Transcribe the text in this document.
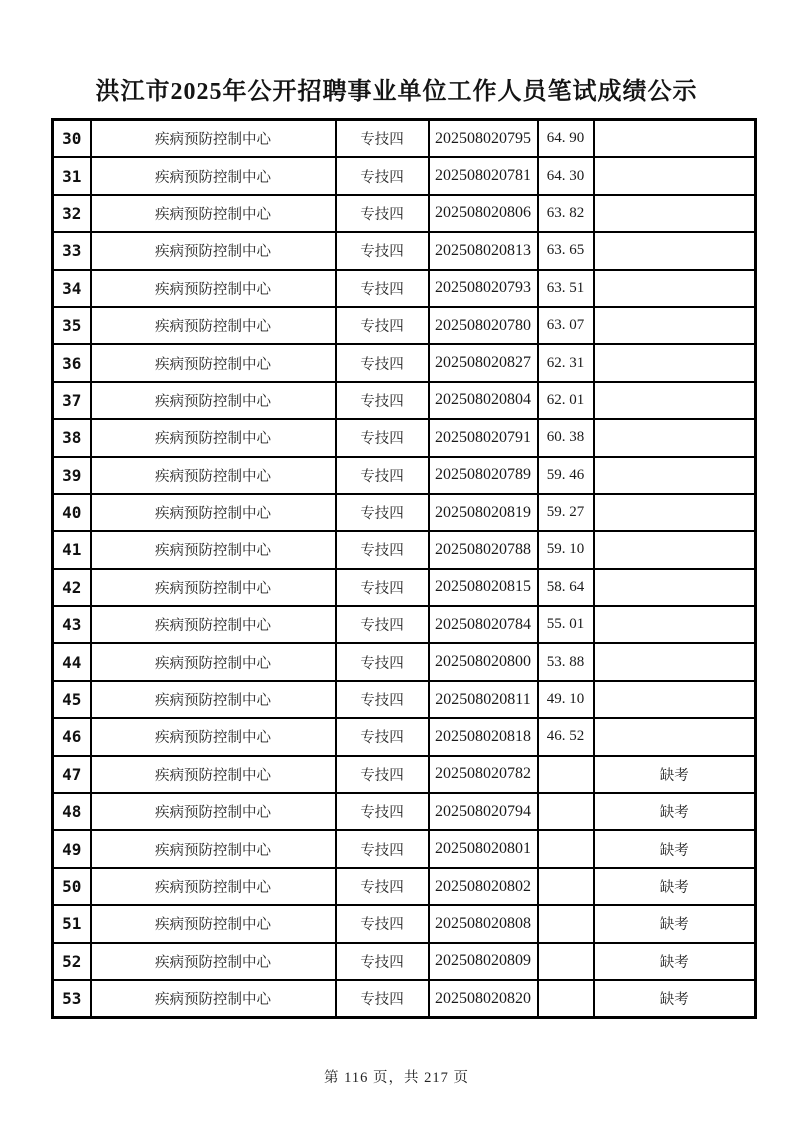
洪江市2025年公开招聘事业单位工作人员笔试成绩公示
30	疾病预防控制中心	专技四	202508020795	64. 90	
31	疾病预防控制中心	专技四	202508020781	64. 30	
32	疾病预防控制中心	专技四	202508020806	63. 82	
33	疾病预防控制中心	专技四	202508020813	63. 65	
34	疾病预防控制中心	专技四	202508020793	63. 51	
35	疾病预防控制中心	专技四	202508020780	63. 07	
36	疾病预防控制中心	专技四	202508020827	62. 31	
37	疾病预防控制中心	专技四	202508020804	62. 01	
38	疾病预防控制中心	专技四	202508020791	60. 38	
39	疾病预防控制中心	专技四	202508020789	59. 46	
40	疾病预防控制中心	专技四	202508020819	59. 27	
41	疾病预防控制中心	专技四	202508020788	59. 10	
42	疾病预防控制中心	专技四	202508020815	58. 64	
43	疾病预防控制中心	专技四	202508020784	55. 01	
44	疾病预防控制中心	专技四	202508020800	53. 88	
45	疾病预防控制中心	专技四	202508020811	49. 10	
46	疾病预防控制中心	专技四	202508020818	46. 52	
47	疾病预防控制中心	专技四	202508020782		缺考
48	疾病预防控制中心	专技四	202508020794		缺考
49	疾病预防控制中心	专技四	202508020801		缺考
50	疾病预防控制中心	专技四	202508020802		缺考
51	疾病预防控制中心	专技四	202508020808		缺考
52	疾病预防控制中心	专技四	202508020809		缺考
53	疾病预防控制中心	专技四	202508020820		缺考
第 116 页，共 217 页
